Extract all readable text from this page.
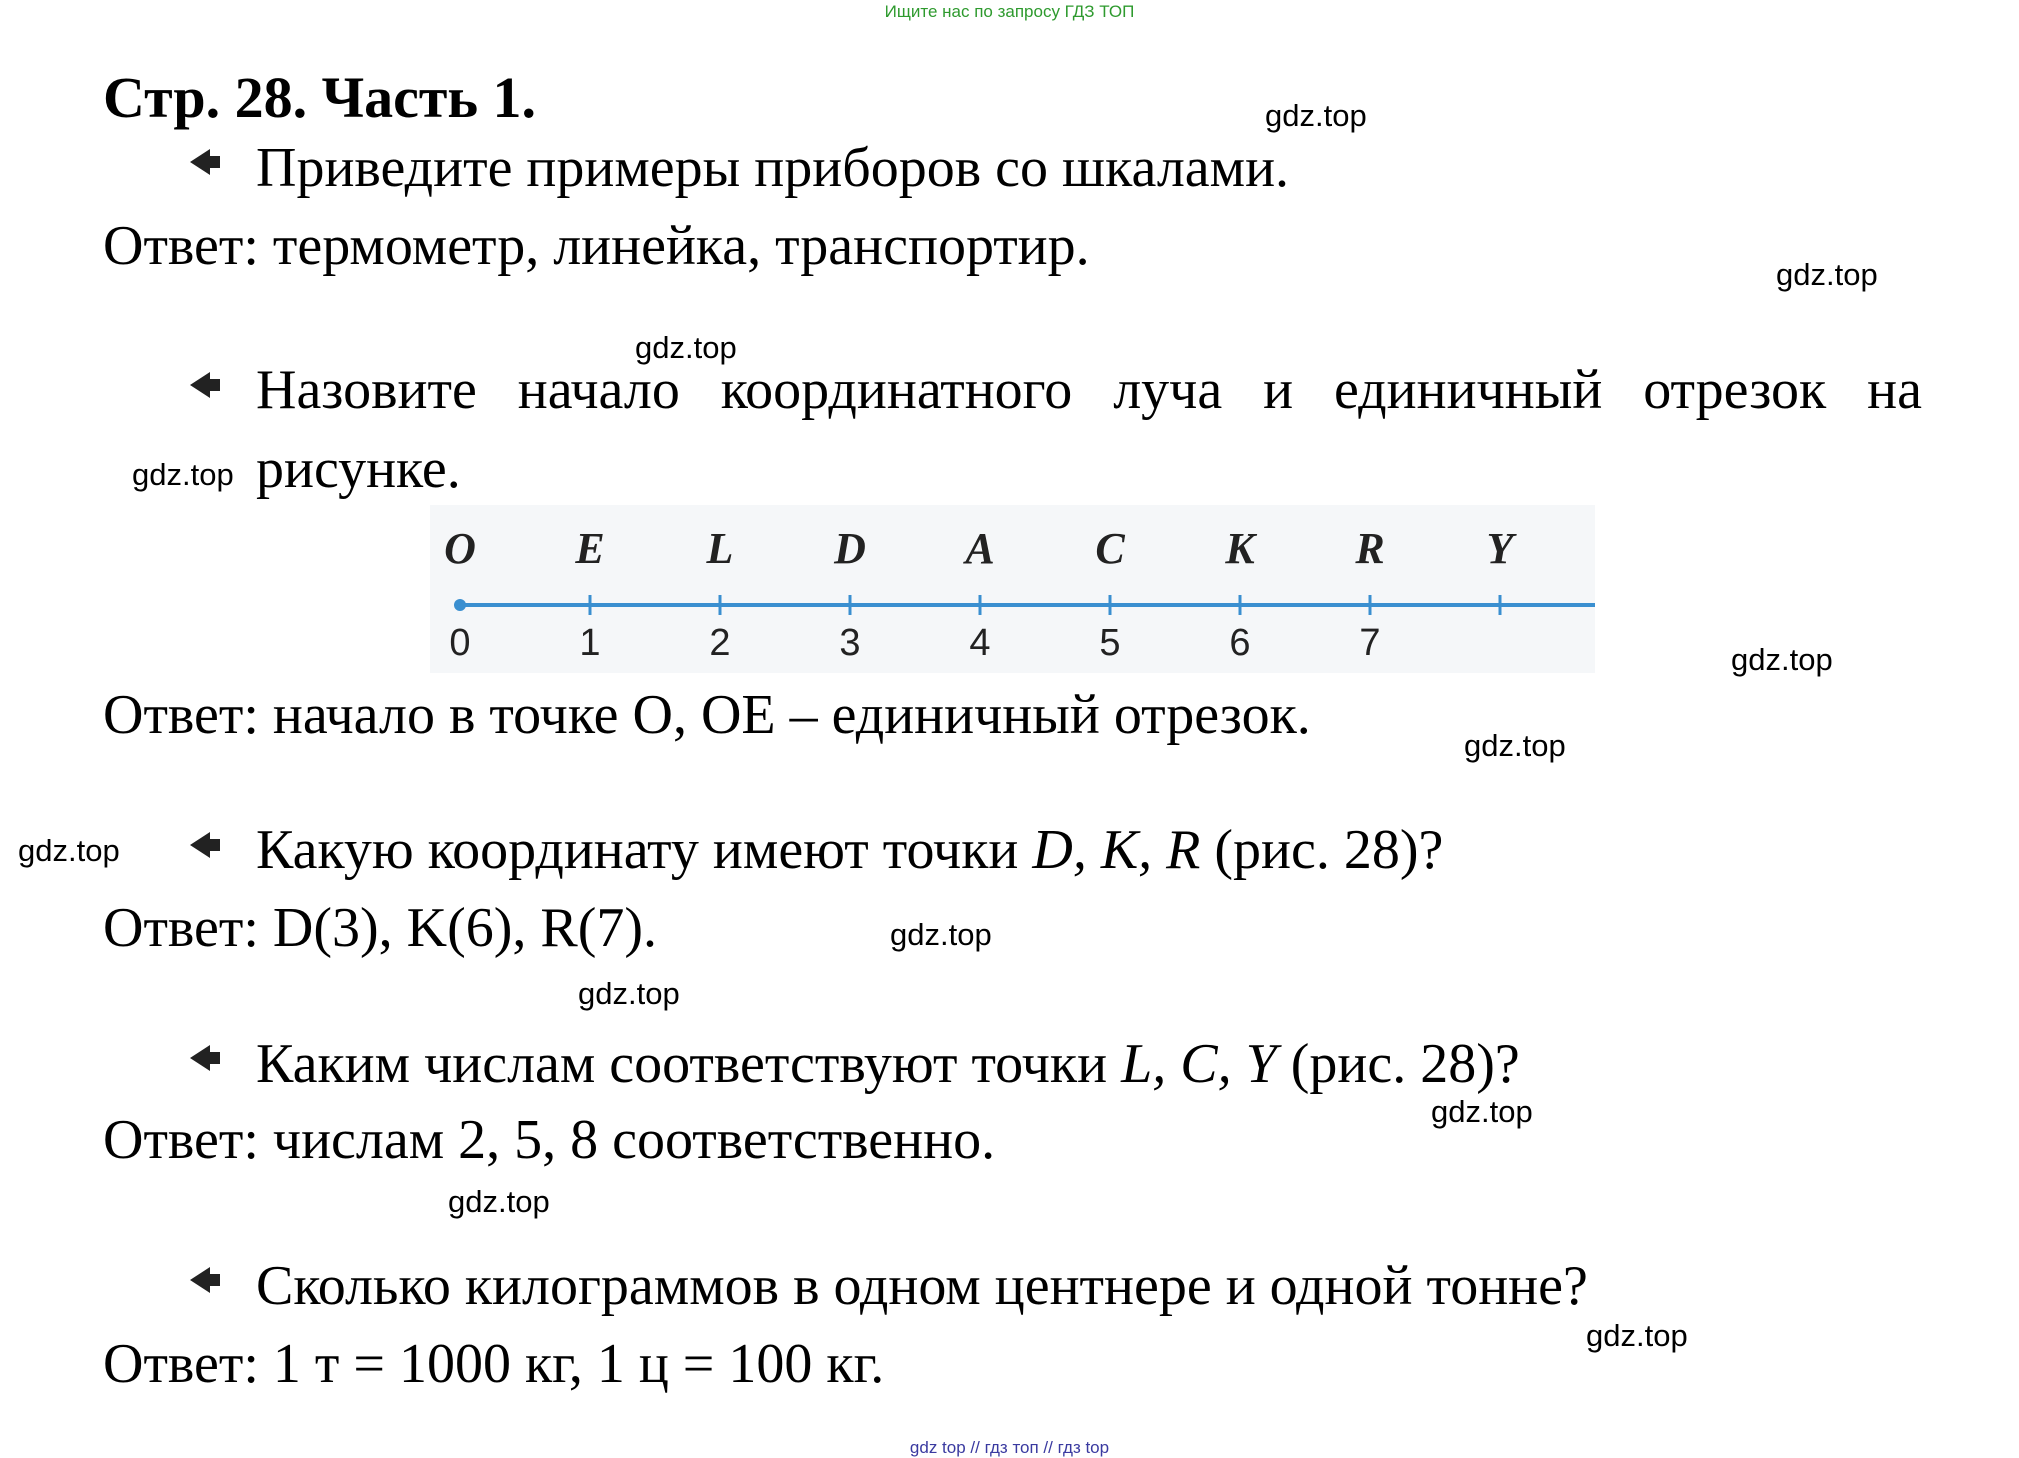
Ищите нас по запросу ГДЗ ТОП
Стр. 28. Часть 1.
Приведите примеры приборов со шкалами.
Ответ: термометр, линейка, транспортир.
Назовите начало координатного луча и единичный отрезок на
рисунке.
O
0
E
1
L
2
D
3
A
4
C
5
K
6
R
7
Y
Ответ: начало в точке О, ОЕ – единичный отрезок.
Какую координату имеют точки D, K, R (рис. 28)?
Ответ: D(3), K(6), R(7).
Каким числам соответствуют точки L, C, Y (рис. 28)?
Ответ: числам 2, 5, 8 соответственно.
Сколько килограммов в одном центнере и одной тонне?
Ответ: 1 т = 1000 кг, 1 ц = 100 кг.
gdz.top
gdz.top
gdz.top
gdz.top
gdz.top
gdz.top
gdz.top
gdz.top
gdz.top
gdz.top
gdz.top
gdz.top
gdz top // гдз топ // гдз top
